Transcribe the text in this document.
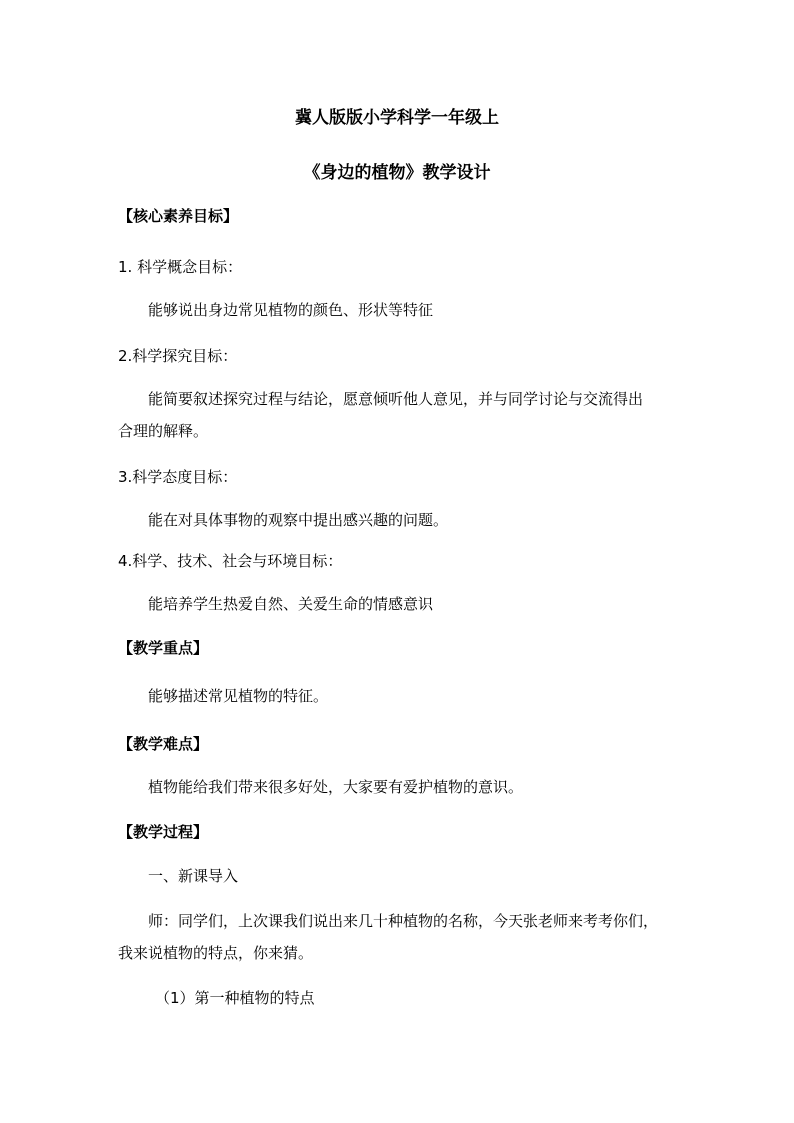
冀人版版小学科学一年级上

《身边的植物》教学设计

【核心素养目标】

1. 科学概念目标：

能够说出身边常见植物的颜色、形状等特征

2.科学探究目标：

能简要叙述探究过程与结论，愿意倾听他人意见，并与同学讨论与交流得出

合理的解释。

3.科学态度目标：

能在对具体事物的观察中提出感兴趣的问题。

4.科学、技术、社会与环境目标：

能培养学生热爱自然、关爱生命的情感意识

【教学重点】

能够描述常见植物的特征。

【教学难点】

植物能给我们带来很多好处，大家要有爱护植物的意识。

【教学过程】

一、新课导入

师：同学们，上次课我们说出来几十种植物的名称，今天张老师来考考你们，

我来说植物的特点，你来猜。

（1）第一种植物的特点
